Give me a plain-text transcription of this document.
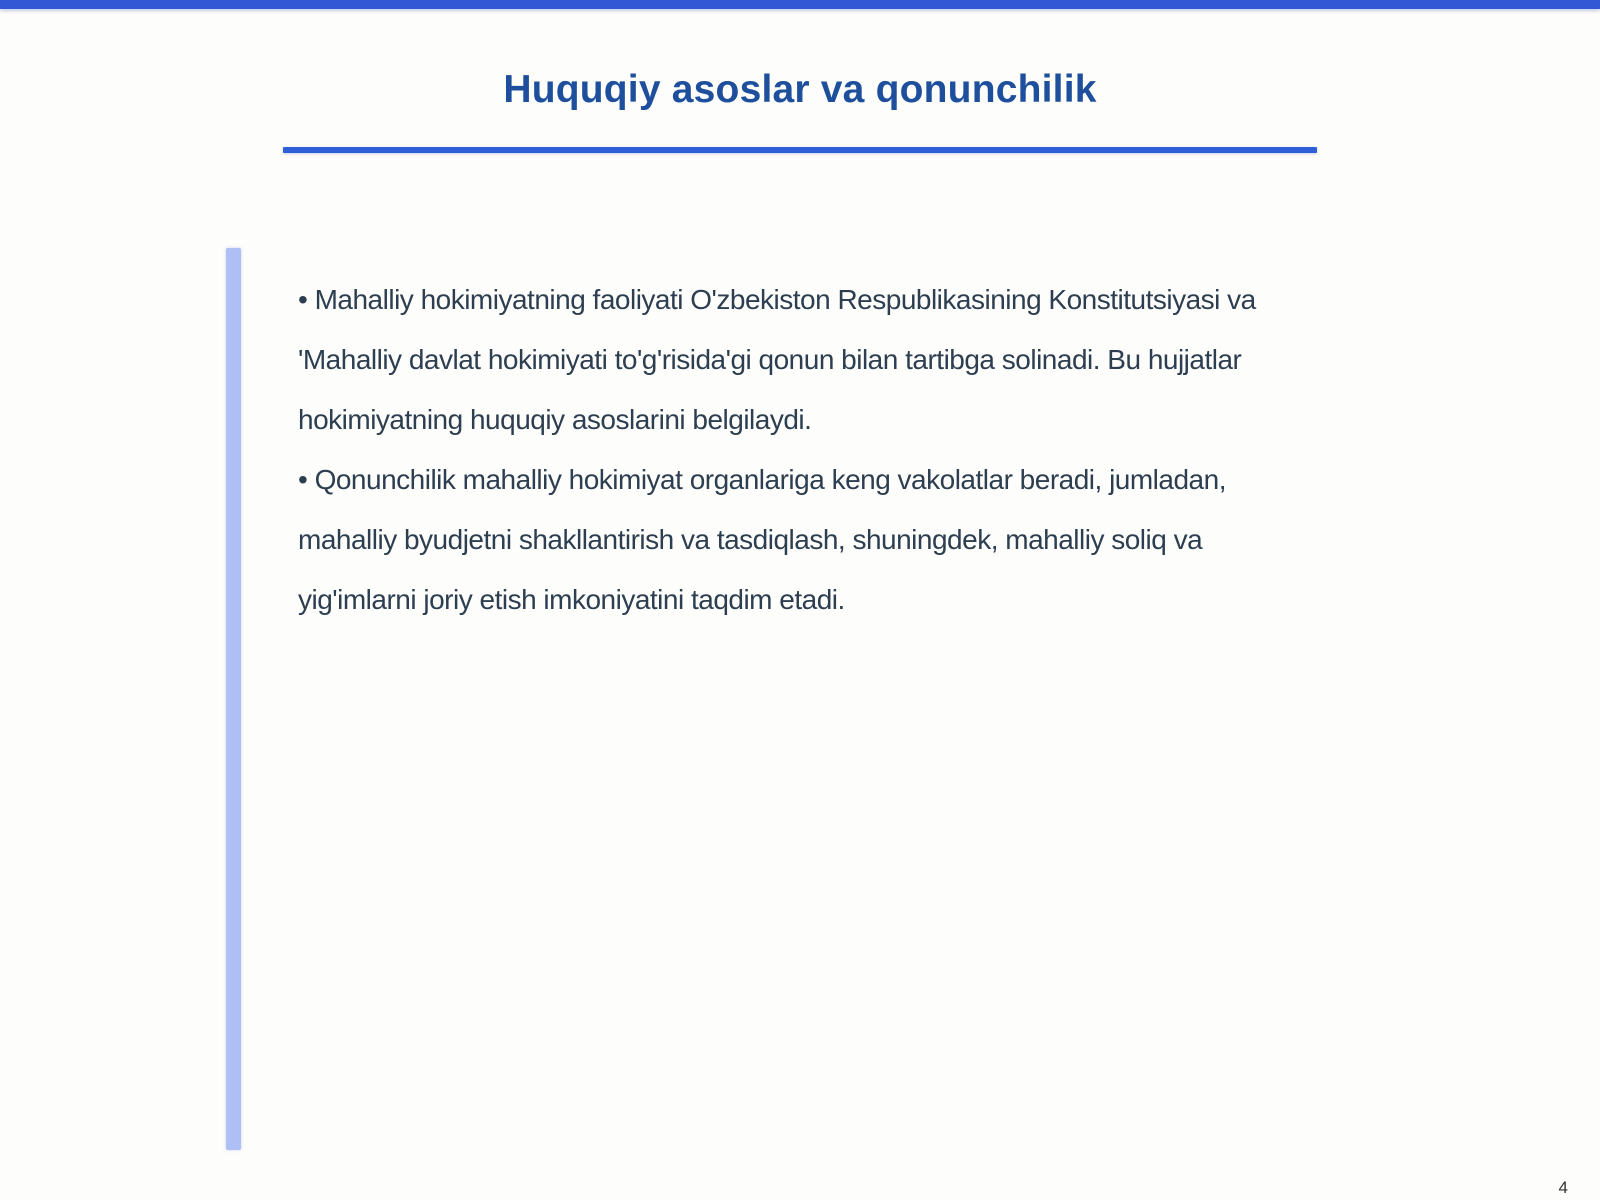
Huquqiy asoslar va qonunchilik

• Mahalliy hokimiyatning faoliyati O'zbekiston Respublikasining Konstitutsiyasi va 'Mahalliy davlat hokimiyati to'g'risida'gi qonun bilan tartibga solinadi. Bu hujjatlar hokimiyatning huquqiy asoslarini belgilaydi.

• Qonunchilik mahalliy hokimiyat organlariga keng vakolatlar beradi, jumladan, mahalliy byudjetni shakllantirish va tasdiqlash, shuningdek, mahalliy soliq va yig'imlarni joriy etish imkoniyatini taqdim etadi.

4
